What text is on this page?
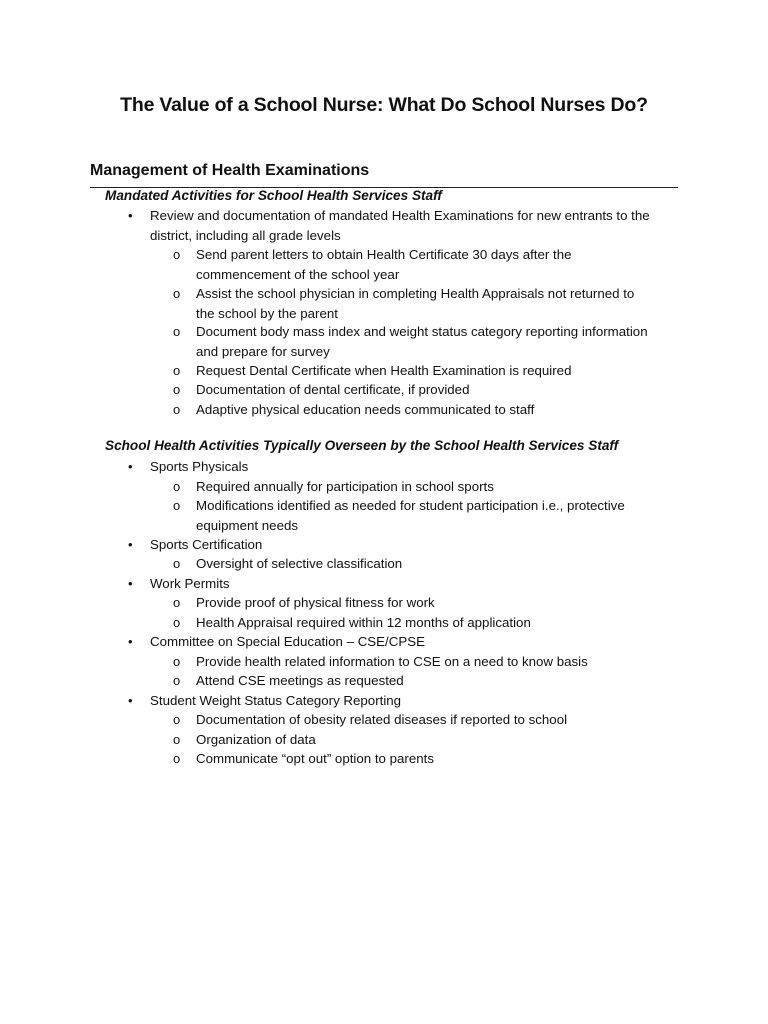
The Value of a School Nurse: What Do School Nurses Do?
Management of Health Examinations
Mandated Activities for School Health Services Staff
• Review and documentation of mandated Health Examinations for new entrants to the district, including all grade levels
o Send parent letters to obtain Health Certificate 30 days after the commencement of the school year
o Assist the school physician in completing Health Appraisals not returned to the school by the parent
o Document body mass index and weight status category reporting information and prepare for survey
o Request Dental Certificate when Health Examination is required
o Documentation of dental certificate, if provided
o Adaptive physical education needs communicated to staff
School Health Activities Typically Overseen by the School Health Services Staff
• Sports Physicals
o Required annually for participation in school sports
o Modifications identified as needed for student participation i.e., protective equipment needs
• Sports Certification
o Oversight of selective classification
• Work Permits
o Provide proof of physical fitness for work
o Health Appraisal required within 12 months of application
• Committee on Special Education – CSE/CPSE
o Provide health related information to CSE on a need to know basis
o Attend CSE meetings as requested
• Student Weight Status Category Reporting
o Documentation of obesity related diseases if reported to school
o Organization of data
o Communicate “opt out” option to parents
